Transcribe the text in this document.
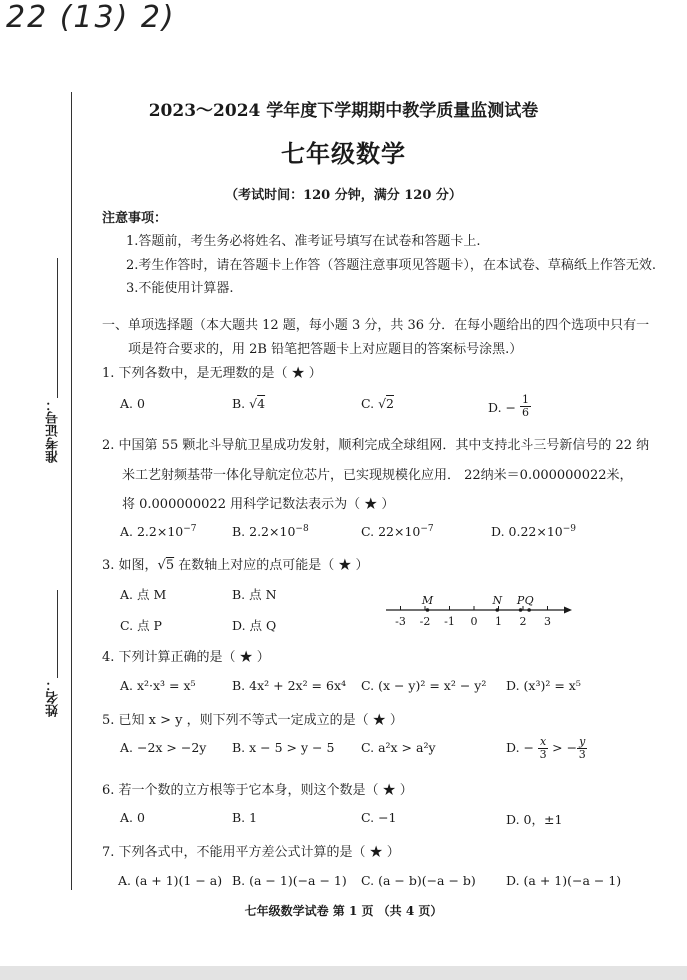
22 (13) 2)
准考证号：
姓名：
2023～2024 学年度下学期期中教学质量监测试卷
七年级数学
（考试时间：120 分钟，满分 120 分）
注意事项：
1.答题前，考生务必将姓名、准考证号填写在试卷和答题卡上.
2.考生作答时，请在答题卡上作答（答题注意事项见答题卡），在本试卷、草稿纸上作答无效.
3.不能使用计算器.
一、单项选择题（本大题共 12 题，每小题 3 分，共 36 分．在每小题给出的四个选项中只有一
项是符合要求的，用 2B 铅笔把答题卡上对应题目的答案标号涂黑.）
1. 下列各数中，是无理数的是（ ★ ）
A. 0	B. √4	C. √2	D. − $\frac{1}{6}$
2. 中国第 55 颗北斗导航卫星成功发射，顺利完成全球组网．其中支持北斗三号新信号的 22 纳
米工艺射频基带一体化导航定位芯片，已实现规模化应用． 22纳米＝0.000000022米，
将 0.000000022 用科学记数法表示为（ ★ ）
A. $2.2\times 10^{-7}$	B. $2.2\times 10^{-8}$	C. $22\times 10^{-7}$	D. $0.22\times 10^{-9}$
3. 如图，√5 在数轴上对应的点可能是（ ★ ）
A. 点 M	B. 点 N
C. 点 P	D. 点 Q	-3 -2 -1 0 1 2 3
M	N P Q
4. 下列计算正确的是（ ★ ）
A. x²·x³ = x⁵	B. 4x² + 2x² = 6x⁴ C. (x − y)² = x² − y² D. (x³)² = x⁵
5. 已知 x > y ，则下列不等式一定成立的是（ ★ ）
A. −2x > −2y B. x − 5 > y − 5 C. a²x > a²y	D. − $\frac{x}{3}$ > − $\frac{y}{3}$
6. 若一个数的立方根等于它本身，则这个数是（ ★ ）
A. 0	B. 1	C. −1	D. 0，±1
7. 下列各式中，不能用平方差公式计算的是（ ★ ）
A. (a + 1)(1 − a) B. (a − 1)(−a − 1) C. (a − b)(−a − b) D. (a + 1)(−a − 1)
七年级数学试卷 第 1 页 （共 4 页）
